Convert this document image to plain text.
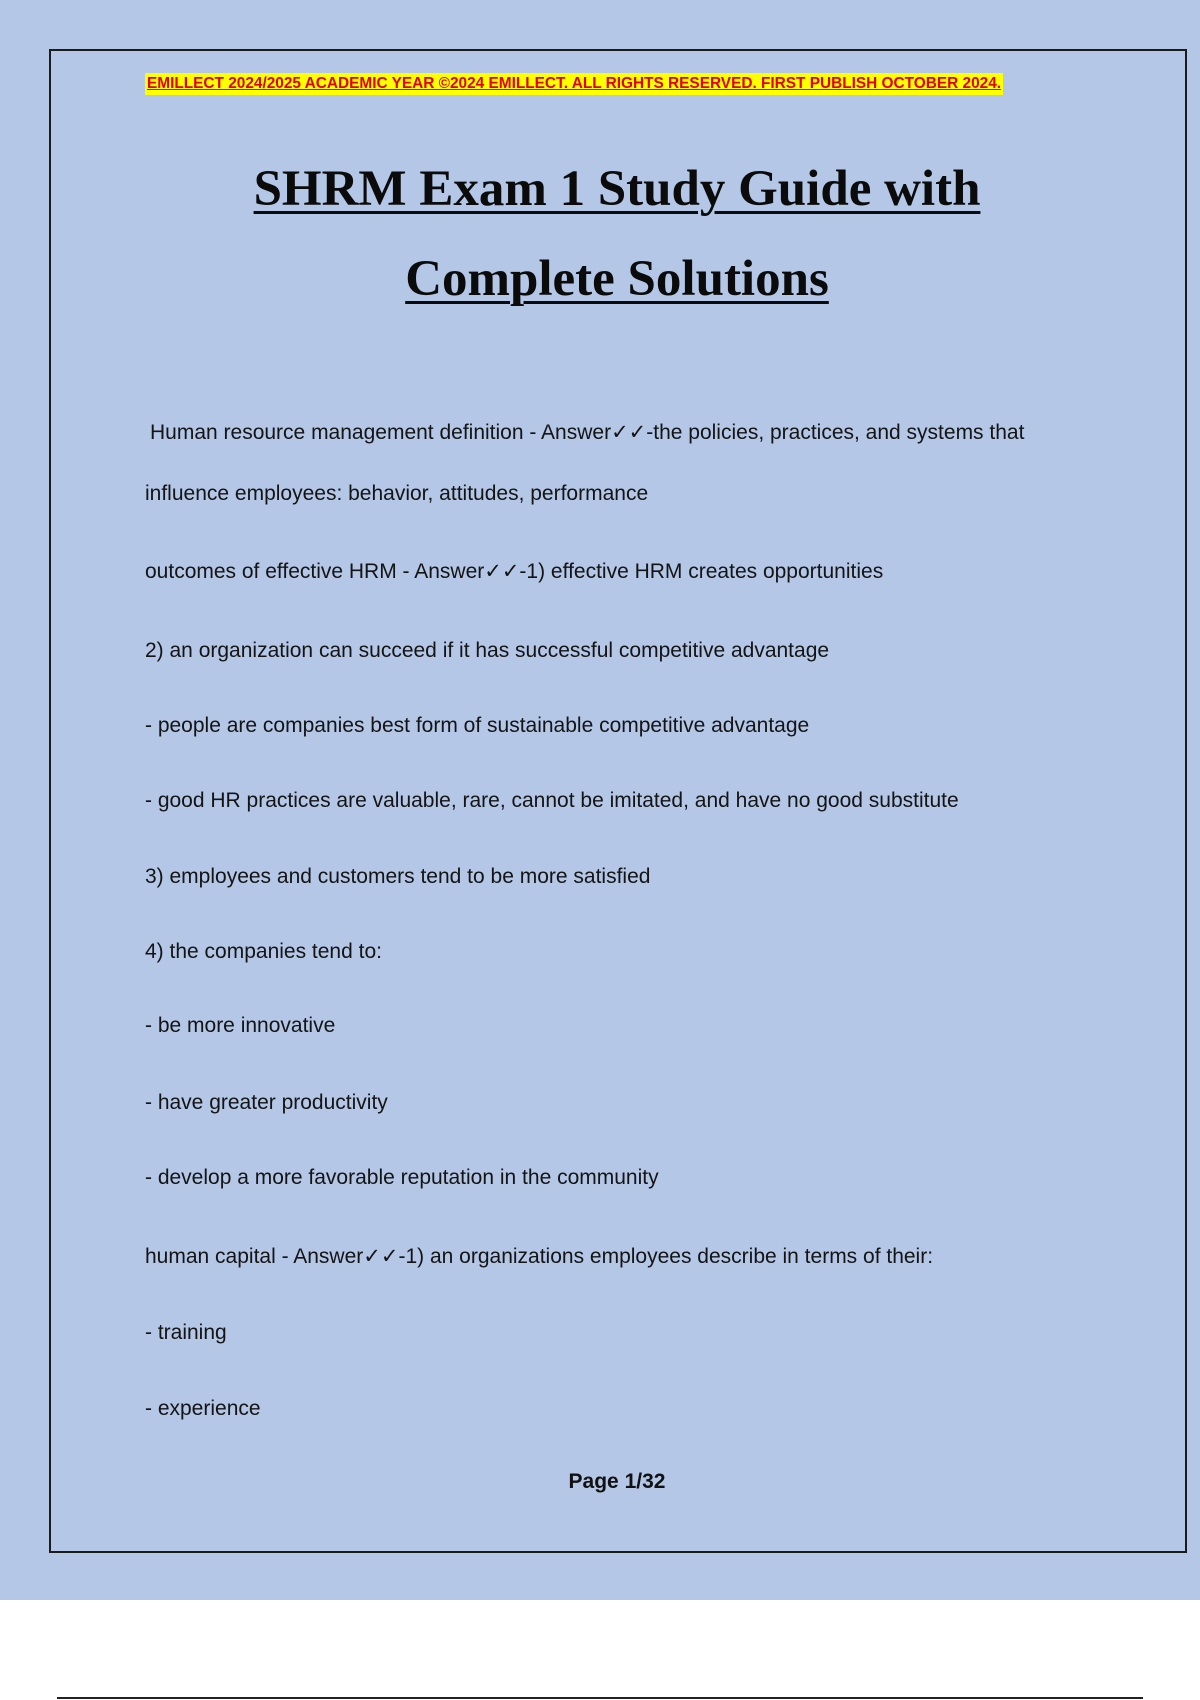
EMILLECT 2024/2025 ACADEMIC YEAR ©2024 EMILLECT. ALL RIGHTS RESERVED. FIRST PUBLISH OCTOBER 2024.
SHRM Exam 1 Study Guide with
Complete Solutions
Human resource management definition - Answer✓✓-the policies, practices, and systems that
influence employees: behavior, attitudes, performance
outcomes of effective HRM - Answer✓✓-1) effective HRM creates opportunities
2) an organization can succeed if it has successful competitive advantage
- people are companies best form of sustainable competitive advantage
- good HR practices are valuable, rare, cannot be imitated, and have no good substitute
3) employees and customers tend to be more satisfied
4) the companies tend to:
- be more innovative
- have greater productivity
- develop a more favorable reputation in the community
human capital - Answer✓✓-1) an organizations employees describe in terms of their:
- training
- experience
Page 1/32
